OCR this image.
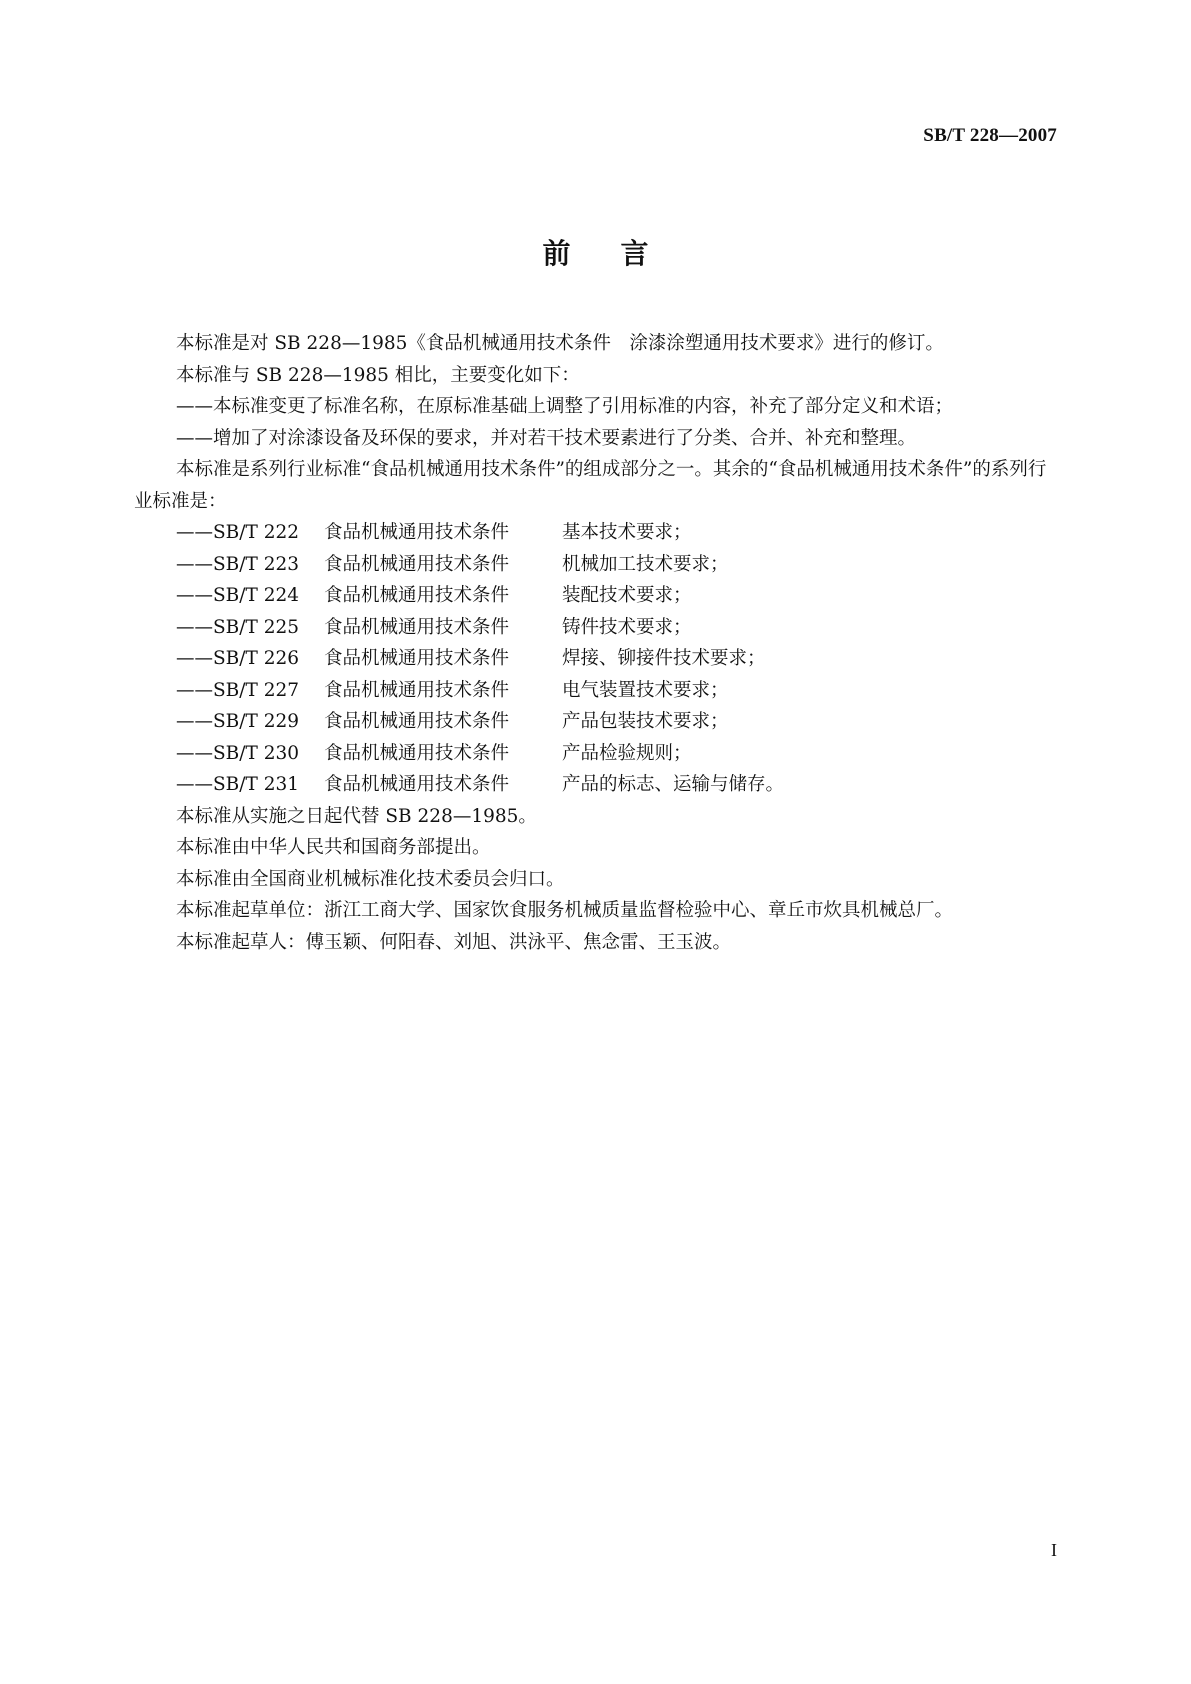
SB/T 228—2007
前言

本标准是对 SB 228—1985《食品机械通用技术条件　涂漆涂塑通用技术要求》进行的修订。

本标准与 SB 228—1985 相比，主要变化如下：

——本标准变更了标准名称，在原标准基础上调整了引用标准的内容，补充了部分定义和术语；

——增加了对涂漆设备及环保的要求，并对若干技术要素进行了分类、合并、补充和整理。

本标准是系列行业标准“食品机械通用技术条件”的组成部分之一。其余的“食品机械通用技术条件”的系列行业标准是：

——SB/T 222 食品机械通用技术条件	基本技术要求；
——SB/T 223 食品机械通用技术条件	机械加工技术要求；
——SB/T 224 食品机械通用技术条件	装配技术要求；
——SB/T 225 食品机械通用技术条件	铸件技术要求；
——SB/T 226 食品机械通用技术条件	焊接、铆接件技术要求；
——SB/T 227 食品机械通用技术条件	电气装置技术要求；
——SB/T 229 食品机械通用技术条件	产品包装技术要求；
——SB/T 230 食品机械通用技术条件	产品检验规则；
——SB/T 231 食品机械通用技术条件	产品的标志、运输与储存。

本标准从实施之日起代替 SB 228—1985。

本标准由中华人民共和国商务部提出。

本标准由全国商业机械标准化技术委员会归口。

本标准起草单位：浙江工商大学、国家饮食服务机械质量监督检验中心、章丘市炊具机械总厂。

本标准起草人：傅玉颖、何阳春、刘旭、洪泳平、焦念雷、王玉波。

I
